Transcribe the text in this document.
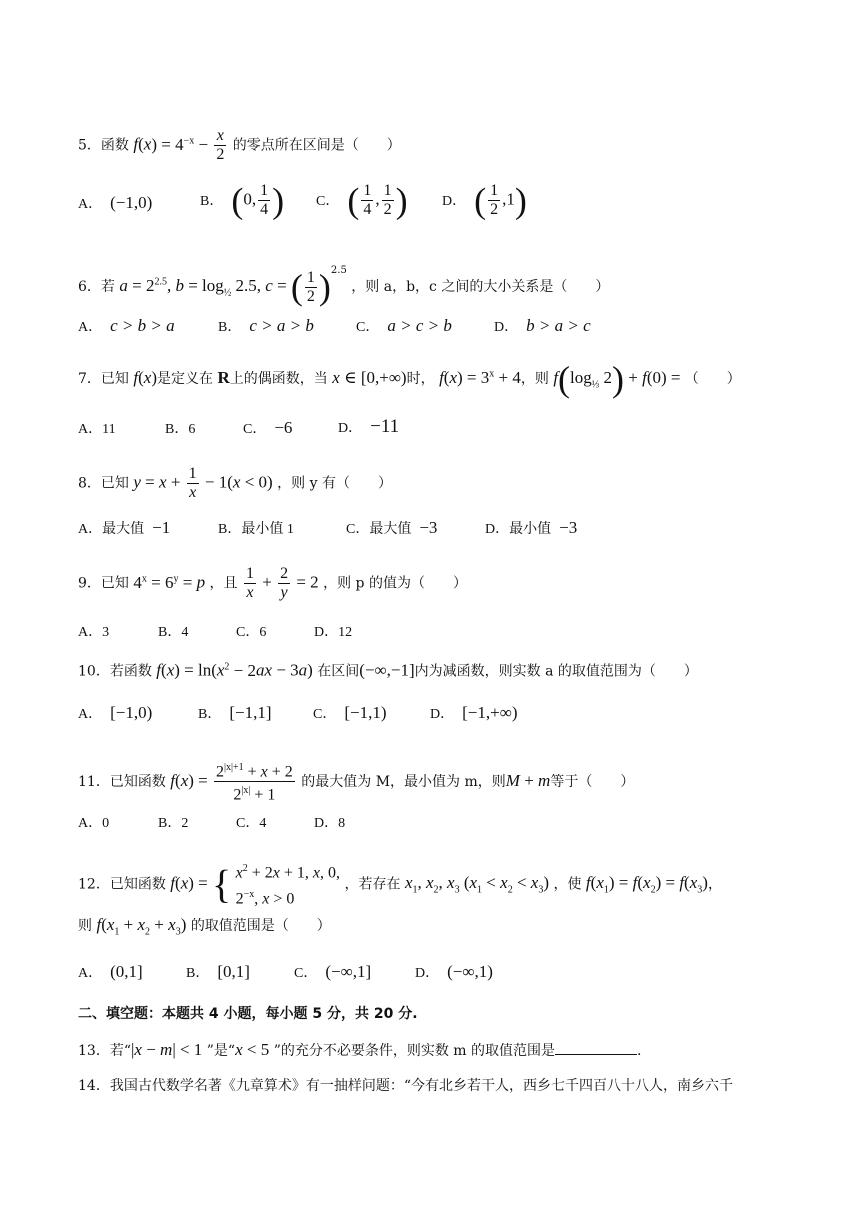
5．函数 $f(x) = 4^{-x} - \frac{x}{2}$ 的零点所在区间是（　　）
A． (−1,0)	B． (0, $\frac{1}{4}$ ) C． ( $\frac{1}{4}$ , $\frac{1}{2}$ ) D． ( $\frac{1}{2} ,1$)
6．若 $a = 2^{2.5}$, $b = \log_{\frac{1}{2}} 2.5$, c = ( $\frac{1}{2} )^{2.5}$ ，则 a，b，c 之间的大小关系是（　　）
A． c > b > a	B． c > a > b	C． a > c > b	D． b > a > c
7．已知 f(x)是定义在 R上的偶函数，当 x ∈ [0,+∞)时， $f(x) = 3^x + 4$，则 $f(\log_{\frac{1}{3}}$ 2) + f(0) = （　　）
A．11	B．6	C． −6	D． −11
8．已知 $y = x + \frac{1}{x} - 1(x < 0)$ ，则 y 有（　　）
A．最大值 −1	B．最小值 1	C．最大值 −3	D．最小值 −3
9．已知 $4^x = 6^y = p$ ，且 $\frac{1}{x} + \frac{2}{y} = 2$ ，则 p 的值为（　　）
A．3	B．4	C．6	D．12
10．若函数 $f(x) = \ln(x^2 - 2ax - 3a)$ 在区间(−∞,−1]内为减函数，则实数 a 的取值范围为（　　）
A． [−1,0)	B． [−1,1]	C． [−1,1)	D． [−1,+∞)
11．已知函数 $f(x) = \frac{2^{|x|+1} + x + 2}{2^{|x|} + 1}$ 的最大值为 M，最小值为 m，则M + m等于（　　）
A．0	B．2	C．4	D．8
12．已知函数 f(x) = { $x^2 + 2x + 1$, x, 0,
$2^{-x}$, x > 0
，若存在 $x_1$, $x_2$, $x_3$ $(x_1 < x_2 < x_3)$ ，使 $f(x_1) = f(x_2) = f(x_3)$，
则 $f(x_1 + x_2 + x_3)$ 的取值范围是（　　）
A． (0,1]	B． [0,1]	C． (−∞,1]	D． (−∞,1)
二、填空题：本题共 4 小题，每小题 5 分，共 20 分.
13．若“|x − m| < 1 ”是“x < 5 ”的充分不必要条件，则实数 m 的取值范围是	.
14．我国古代数学名著《九章算术》有一抽样问题：“今有北乡若干人，西乡七千四百八十八人，南乡六千
